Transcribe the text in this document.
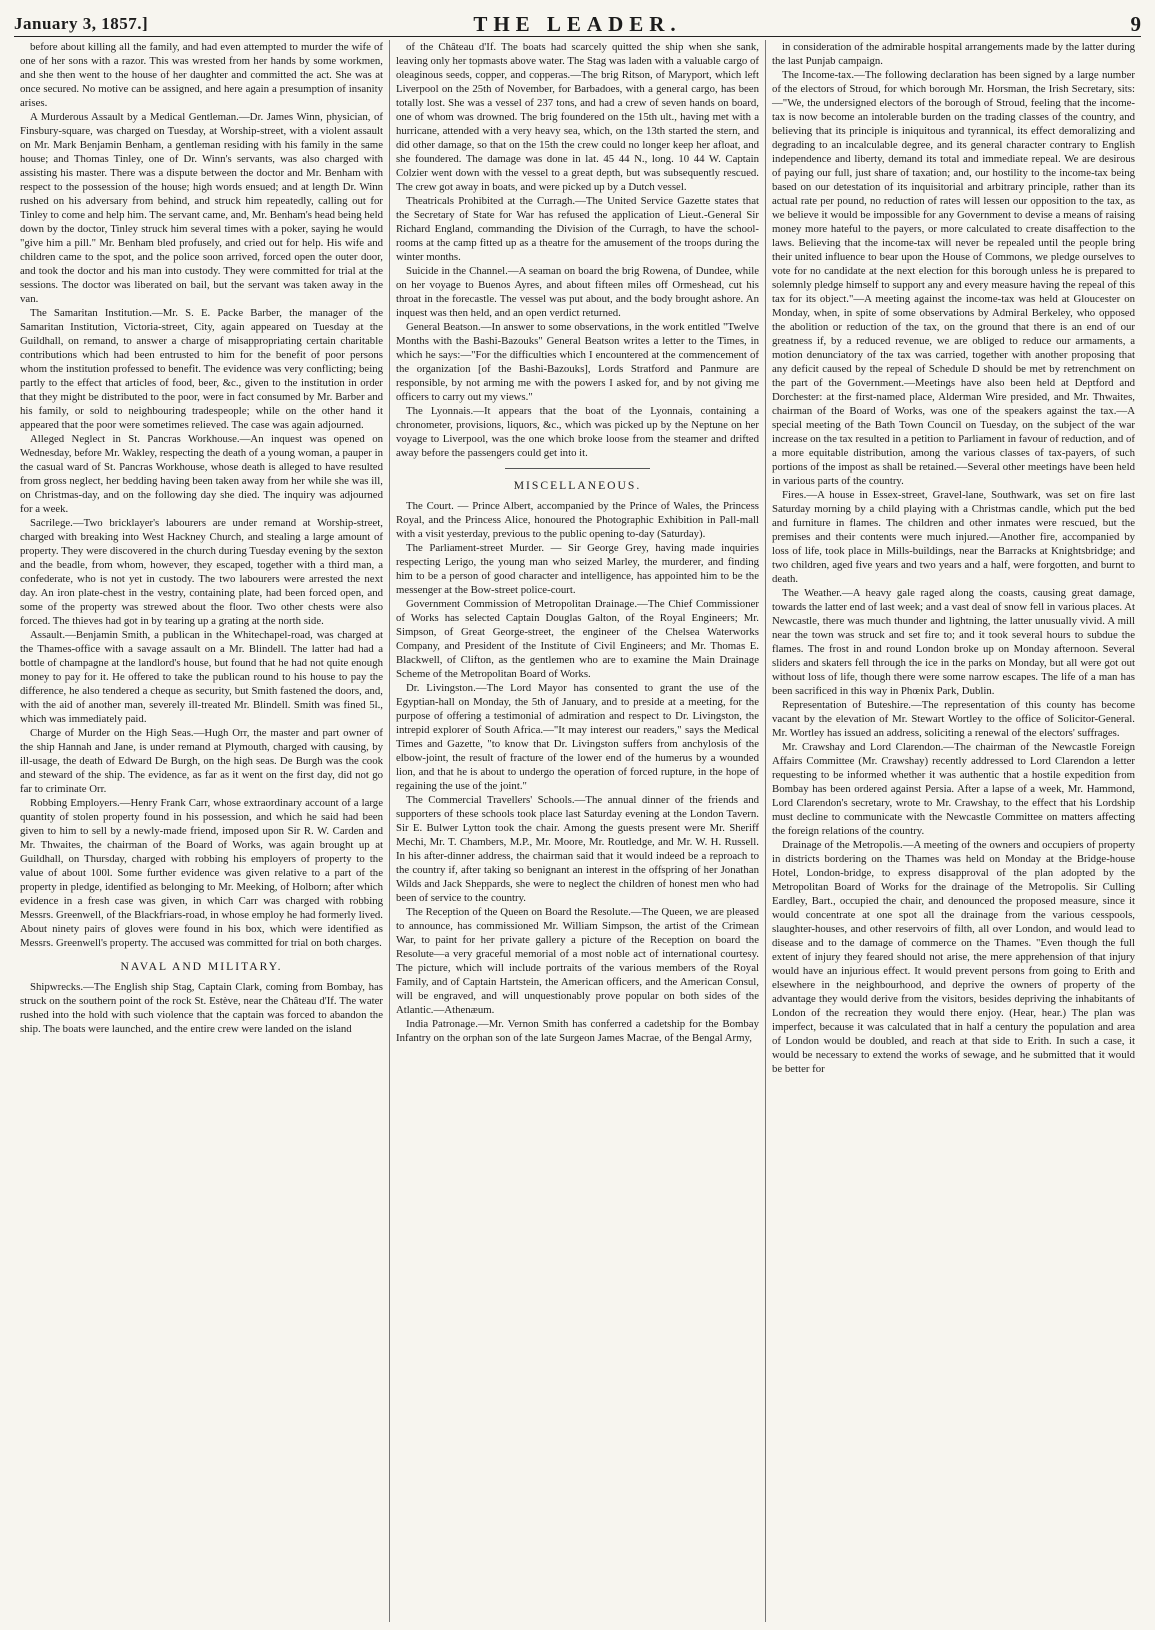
January 3, 1857.]	THE LEADER.	9

before about killing all the family, and had even attempted to murder the wife of one of her sons with a razor. This was wrested from her hands by some workmen, and she then went to the house of her daughter and committed the act. She was at once secured. No motive can be assigned, and here again a presumption of insanity arises.

A Murderous Assault by a Medical Gentleman.—Dr. James Winn, physician, of Finsbury-square, was charged on Tuesday, at Worship-street, with a violent assault on Mr. Mark Benjamin Benham, a gentleman residing with his family in the same house; and Thomas Tinley, one of Dr. Winn's servants, was also charged with assisting his master. There was a dispute between the doctor and Mr. Benham with respect to the possession of the house; high words ensued; and at length Dr. Winn rushed on his adversary from behind, and struck him repeatedly, calling out for Tinley to come and help him. The servant came, and, Mr. Benham's head being held down by the doctor, Tinley struck him several times with a poker, saying he would "give him a pill." Mr. Benham bled profusely, and cried out for help. His wife and children came to the spot, and the police soon arrived, forced open the outer door, and took the doctor and his man into custody. They were committed for trial at the sessions. The doctor was liberated on bail, but the servant was taken away in the van.

The Samaritan Institution.—Mr. S. E. Packe Barber, the manager of the Samaritan Institution, Victoria-street, City, again appeared on Tuesday at the Guildhall, on remand, to answer a charge of misappropriating certain charitable contributions which had been entrusted to him for the benefit of poor persons whom the institution professed to benefit. The evidence was very conflicting; being partly to the effect that articles of food, beer, &c., given to the institution in order that they might be distributed to the poor, were in fact consumed by Mr. Barber and his family, or sold to neighbouring tradespeople; while on the other hand it appeared that the poor were sometimes relieved. The case was again adjourned.

Alleged Neglect in St. Pancras Workhouse.—An inquest was opened on Wednesday, before Mr. Wakley, respecting the death of a young woman, a pauper in the casual ward of St. Pancras Workhouse, whose death is alleged to have resulted from gross neglect, her bedding having been taken away from her while she was ill, on Christmas-day, and on the following day she died. The inquiry was adjourned for a week.

Sacrilege.—Two bricklayer's labourers are under remand at Worship-street, charged with breaking into West Hackney Church, and stealing a large amount of property. They were discovered in the church during Tuesday evening by the sexton and the beadle, from whom, however, they escaped, together with a third man, a confederate, who is not yet in custody. The two labourers were arrested the next day. An iron plate-chest in the vestry, containing plate, had been forced open, and some of the property was strewed about the floor. Two other chests were also forced. The thieves had got in by tearing up a grating at the north side.

Assault.—Benjamin Smith, a publican in the Whitechapel-road, was charged at the Thames-office with a savage assault on a Mr. Blindell. The latter had had a bottle of champagne at the landlord's house, but found that he had not quite enough money to pay for it. He offered to take the publican round to his house to pay the difference, he also tendered a cheque as security, but Smith fastened the doors, and, with the aid of another man, severely ill-treated Mr. Blindell. Smith was fined 5l., which was immediately paid.

Charge of Murder on the High Seas.—Hugh Orr, the master and part owner of the ship Hannah and Jane, is under remand at Plymouth, charged with causing, by ill-usage, the death of Edward De Burgh, on the high seas. De Burgh was the cook and steward of the ship. The evidence, as far as it went on the first day, did not go far to criminate Orr.

Robbing Employers.—Henry Frank Carr, whose extraordinary account of a large quantity of stolen property found in his possession, and which he said had been given to him to sell by a newly-made friend, imposed upon Sir R. W. Carden and Mr. Thwaites, the chairman of the Board of Works, was again brought up at Guildhall, on Thursday, charged with robbing his employers of property to the value of about 100l. Some further evidence was given relative to a part of the property in pledge, identified as belonging to Mr. Meeking, of Holborn; after which evidence in a fresh case was given, in which Carr was charged with robbing Messrs. Greenwell, of the Blackfriars-road, in whose employ he had formerly lived. About ninety pairs of gloves were found in his box, which were identified as Messrs. Greenwell's property. The accused was committed for trial on both charges.

NAVAL AND MILITARY.

Shipwrecks.—The English ship Stag, Captain Clark, coming from Bombay, has struck on the southern point of the rock St. Estève, near the Château d'If. The water rushed into the hold with such violence that the captain was forced to abandon the ship. The boats were launched, and the entire crew were landed on the island

of the Château d'If. The boats had scarcely quitted the ship when she sank, leaving only her topmasts above water. The Stag was laden with a valuable cargo of oleaginous seeds, copper, and copperas.—The brig Ritson, of Maryport, which left Liverpool on the 25th of November, for Barbadoes, with a general cargo, has been totally lost. She was a vessel of 237 tons, and had a crew of seven hands on board, one of whom was drowned. The brig foundered on the 15th ult., having met with a hurricane, attended with a very heavy sea, which, on the 13th started the stern, and did other damage, so that on the 15th the crew could no longer keep her afloat, and she foundered. The damage was done in lat. 45 44 N., long. 10 44 W. Captain Colzier went down with the vessel to a great depth, but was subsequently rescued. The crew got away in boats, and were picked up by a Dutch vessel.

Theatricals Prohibited at the Curragh.—The United Service Gazette states that the Secretary of State for War has refused the application of Lieut.-General Sir Richard England, commanding the Division of the Curragh, to have the school-rooms at the camp fitted up as a theatre for the amusement of the troops during the winter months.

Suicide in the Channel.—A seaman on board the brig Rowena, of Dundee, while on her voyage to Buenos Ayres, and about fifteen miles off Ormeshead, cut his throat in the forecastle. The vessel was put about, and the body brought ashore. An inquest was then held, and an open verdict returned.

General Beatson.—In answer to some observations, in the work entitled "Twelve Months with the Bashi-Bazouks" General Beatson writes a letter to the Times, in which he says:—"For the difficulties which I encountered at the commencement of the organization [of the Bashi-Bazouks], Lords Stratford and Panmure are responsible, by not arming me with the powers I asked for, and by not giving me officers to carry out my views."

The Lyonnais.—It appears that the boat of the Lyonnais, containing a chronometer, provisions, liquors, &c., which was picked up by the Neptune on her voyage to Liverpool, was the one which broke loose from the steamer and drifted away before the passengers could get into it.

MISCELLANEOUS.

The Court. — Prince Albert, accompanied by the Prince of Wales, the Princess Royal, and the Princess Alice, honoured the Photographic Exhibition in Pall-mall with a visit yesterday, previous to the public opening to-day (Saturday).

The Parliament-street Murder. — Sir George Grey, having made inquiries respecting Lerigo, the young man who seized Marley, the murderer, and finding him to be a person of good character and intelligence, has appointed him to be the messenger at the Bow-street police-court.

Government Commission of Metropolitan Drainage.—The Chief Commissioner of Works has selected Captain Douglas Galton, of the Royal Engineers; Mr. Simpson, of Great George-street, the engineer of the Chelsea Waterworks Company, and President of the Institute of Civil Engineers; and Mr. Thomas E. Blackwell, of Clifton, as the gentlemen who are to examine the Main Drainage Scheme of the Metropolitan Board of Works.

Dr. Livingston.—The Lord Mayor has consented to grant the use of the Egyptian-hall on Monday, the 5th of January, and to preside at a meeting, for the purpose of offering a testimonial of admiration and respect to Dr. Livingston, the intrepid explorer of South Africa.—"It may interest our readers," says the Medical Times and Gazette, "to know that Dr. Livingston suffers from anchylosis of the elbow-joint, the result of fracture of the lower end of the humerus by a wounded lion, and that he is about to undergo the operation of forced rupture, in the hope of regaining the use of the joint."

The Commercial Travellers' Schools.—The annual dinner of the friends and supporters of these schools took place last Saturday evening at the London Tavern. Sir E. Bulwer Lytton took the chair. Among the guests present were Mr. Sheriff Mechi, Mr. T. Chambers, M.P., Mr. Moore, Mr. Routledge, and Mr. W. H. Russell. In his after-dinner address, the chairman said that it would indeed be a reproach to the country if, after taking so benignant an interest in the offspring of her Jonathan Wilds and Jack Sheppards, she were to neglect the children of honest men who had been of service to the country.

The Reception of the Queen on Board the Resolute.—The Queen, we are pleased to announce, has commissioned Mr. William Simpson, the artist of the Crimean War, to paint for her private gallery a picture of the Reception on board the Resolute—a very graceful memorial of a most noble act of international courtesy. The picture, which will include portraits of the various members of the Royal Family, and of Captain Hartstein, the American officers, and the American Consul, will be engraved, and will unquestionably prove popular on both sides of the Atlantic.—Athenæum.

India Patronage.—Mr. Vernon Smith has conferred a cadetship for the Bombay Infantry on the orphan son of the late Surgeon James Macrae, of the Bengal Army,

in consideration of the admirable hospital arrangements made by the latter during the last Punjab campaign.

The Income-tax.—The following declaration has been signed by a large number of the electors of Stroud, for which borough Mr. Horsman, the Irish Secretary, sits:—"We, the undersigned electors of the borough of Stroud, feeling that the income-tax is now become an intolerable burden on the trading classes of the country, and believing that its principle is iniquitous and tyrannical, its effect demoralizing and degrading to an incalculable degree, and its general character contrary to English independence and liberty, demand its total and immediate repeal. We are desirous of paying our full, just share of taxation; and, our hostility to the income-tax being based on our detestation of its inquisitorial and arbitrary principle, rather than its actual rate per pound, no reduction of rates will lessen our opposition to the tax, as we believe it would be impossible for any Government to devise a means of raising money more hateful to the payers, or more calculated to create disaffection to the laws. Believing that the income-tax will never be repealed until the people bring their united influence to bear upon the House of Commons, we pledge ourselves to vote for no candidate at the next election for this borough unless he is prepared to solemnly pledge himself to support any and every measure having the repeal of this tax for its object."—A meeting against the income-tax was held at Gloucester on Monday, when, in spite of some observations by Admiral Berkeley, who opposed the abolition or reduction of the tax, on the ground that there is an end of our greatness if, by a reduced revenue, we are obliged to reduce our armaments, a motion denunciatory of the tax was carried, together with another proposing that any deficit caused by the repeal of Schedule D should be met by retrenchment on the part of the Government.—Meetings have also been held at Deptford and Dorchester: at the first-named place, Alderman Wire presided, and Mr. Thwaites, chairman of the Board of Works, was one of the speakers against the tax.—A special meeting of the Bath Town Council on Tuesday, on the subject of the war increase on the tax resulted in a petition to Parliament in favour of reduction, and of a more equitable distribution, among the various classes of tax-payers, of such portions of the impost as shall be retained.—Several other meetings have been held in various parts of the country.

Fires.—A house in Essex-street, Gravel-lane, Southwark, was set on fire last Saturday morning by a child playing with a Christmas candle, which put the bed and furniture in flames. The children and other inmates were rescued, but the premises and their contents were much injured.—Another fire, accompanied by loss of life, took place in Mills-buildings, near the Barracks at Knightsbridge; and two children, aged five years and two years and a half, were forgotten, and burnt to death.

The Weather.—A heavy gale raged along the coasts, causing great damage, towards the latter end of last week; and a vast deal of snow fell in various places. At Newcastle, there was much thunder and lightning, the latter unusually vivid. A mill near the town was struck and set fire to; and it took several hours to subdue the flames. The frost in and round London broke up on Monday afternoon. Several sliders and skaters fell through the ice in the parks on Monday, but all were got out without loss of life, though there were some narrow escapes. The life of a man has been sacrificed in this way in Phœnix Park, Dublin.

Representation of Buteshire.—The representation of this county has become vacant by the elevation of Mr. Stewart Wortley to the office of Solicitor-General. Mr. Wortley has issued an address, soliciting a renewal of the electors' suffrages.

Mr. Crawshay and Lord Clarendon.—The chairman of the Newcastle Foreign Affairs Committee (Mr. Crawshay) recently addressed to Lord Clarendon a letter requesting to be informed whether it was authentic that a hostile expedition from Bombay has been ordered against Persia. After a lapse of a week, Mr. Hammond, Lord Clarendon's secretary, wrote to Mr. Crawshay, to the effect that his Lordship must decline to communicate with the Newcastle Committee on matters affecting the foreign relations of the country.

Drainage of the Metropolis.—A meeting of the owners and occupiers of property in districts bordering on the Thames was held on Monday at the Bridge-house Hotel, London-bridge, to express disapproval of the plan adopted by the Metropolitan Board of Works for the drainage of the Metropolis. Sir Culling Eardley, Bart., occupied the chair, and denounced the proposed measure, since it would concentrate at one spot all the drainage from the various cesspools, slaughter-houses, and other reservoirs of filth, all over London, and would lead to disease and to the damage of commerce on the Thames. "Even though the full extent of injury they feared should not arise, the mere apprehension of that injury would have an injurious effect. It would prevent persons from going to Erith and elsewhere in the neighbourhood, and deprive the owners of property of the advantage they would derive from the visitors, besides depriving the inhabitants of London of the recreation they would there enjoy. (Hear, hear.) The plan was imperfect, because it was calculated that in half a century the population and area of London would be doubled, and reach at that side to Erith. In such a case, it would be necessary to extend the works of sewage, and he submitted that it would be better for
